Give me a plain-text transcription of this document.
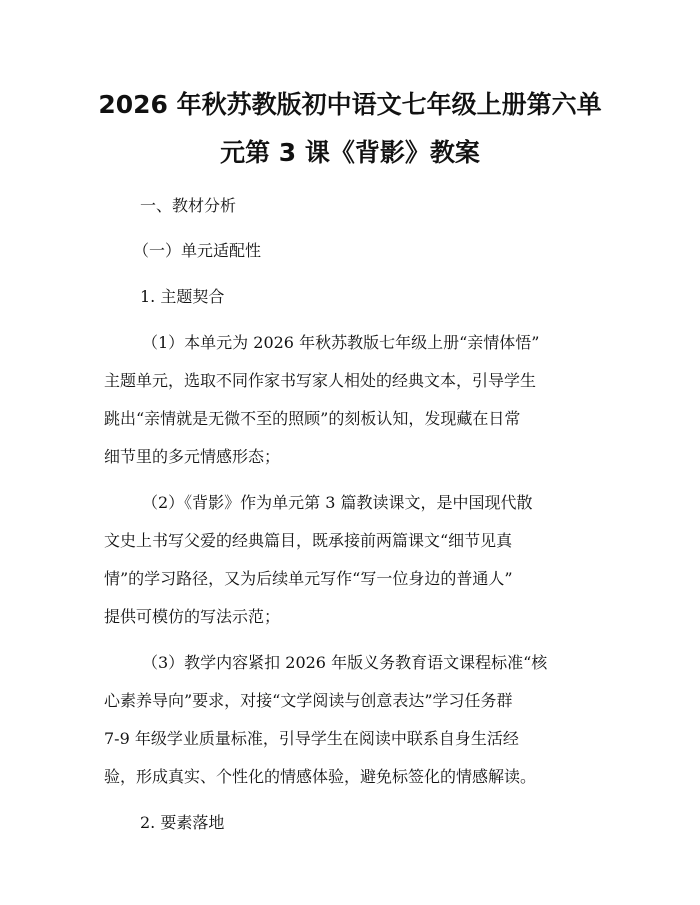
2026 年秋苏教版初中语文七年级上册第六单
元第 3 课《背影》教案

一、教材分析

（一）单元适配性

1. 主题契合

（1）本单元为 2026 年秋苏教版七年级上册“亲情体悟”

主题单元，选取不同作家书写家人相处的经典文本，引导学生

跳出“亲情就是无微不至的照顾”的刻板认知，发现藏在日常

细节里的多元情感形态；

（2）《背影》作为单元第 3 篇教读课文，是中国现代散

文史上书写父爱的经典篇目，既承接前两篇课文“细节见真

情”的学习路径，又为后续单元写作“写一位身边的普通人”

提供可模仿的写法示范；

（3）教学内容紧扣 2026 年版义务教育语文课程标准“核

心素养导向”要求，对接“文学阅读与创意表达”学习任务群

7-9 年级学业质量标准，引导学生在阅读中联系自身生活经

验，形成真实、个性化的情感体验，避免标签化的情感解读。

2. 要素落地
